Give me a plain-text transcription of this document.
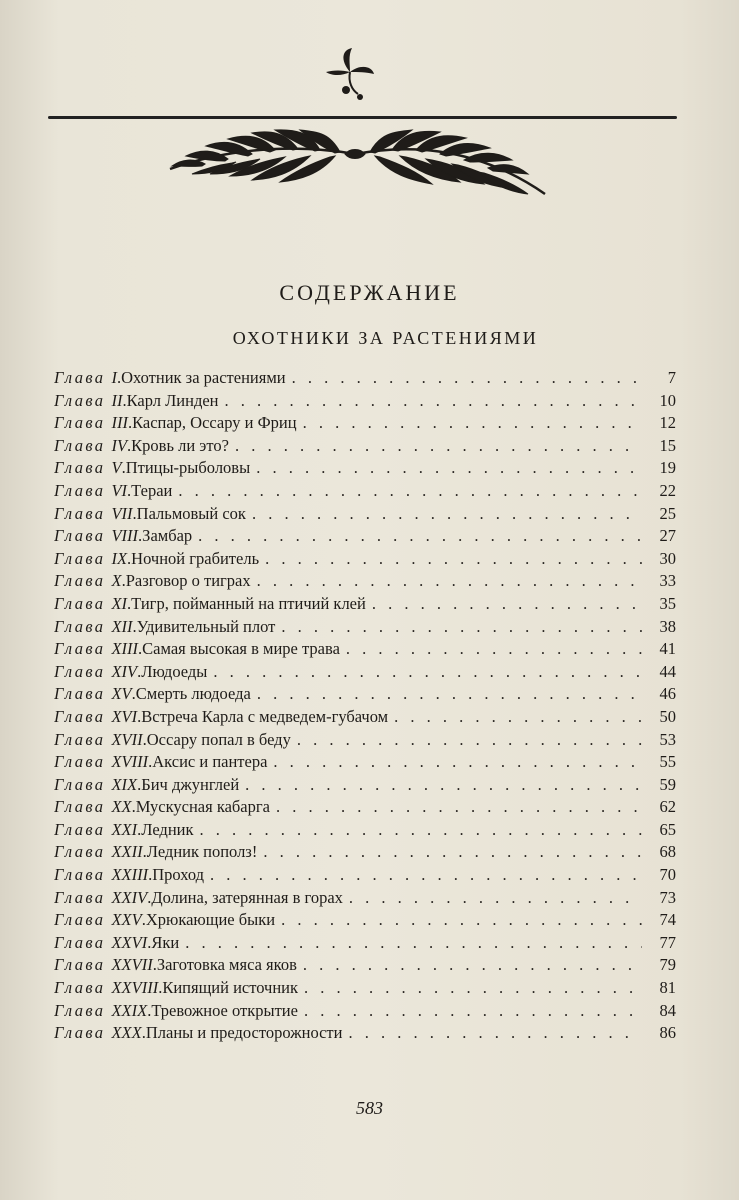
СОДЕРЖАНИЕ
ОХОТНИКИ ЗА РАСТЕНИЯМИ
Глава I . Охотник за растениями . . .	7
Глава II . Карл Линден . . .	10
Глава III . Каспар, Оссару и Фриц . . .	12
Глава IV . Кровь ли это? . . .	15
Глава V . Птицы-рыболовы . . .	19
Глава VI . Тераи . . .	22
Глава VII . Пальмовый сок . . .	25
Глава VIII . Замбар . . .	27
Глава IX . Ночной грабитель . . .	30
Глава X . Разговор о тиграх . . .	33
Глава XI . Тигр, пойманный на птичий клей . . .	35
Глава XII . Удивительный плот . . .	38
Глава XIII . Самая высокая в мире трава . . .	41
Глава XIV . Людоеды . . .	44
Глава XV . Смерть людоеда . . .	46
Глава XVI . Встреча Карла с медведем-губачом . . .	50
Глава XVII . Оссару попал в беду . . .	53
Глава XVIII . Аксис и пантера . . .	55
Глава XIX . Бич джунглей . . .	59
Глава XX . Мускусная кабарга . . .	62
Глава XXI . Ледник . . .	65
Глава XXII . Ледник пополз! . . .	68
Глава XXIII . Проход . . .	70
Глава XXIV . Долина, затерянная в горах . . .	73
Глава XXV . Хрюкающие быки . . .	74
Глава XXVI . Яки . . .	77
Глава XXVII . Заготовка мяса яков . . .	79
Глава XXVIII . Кипящий источник . . .	81
Глава XXIX . Тревожное открытие . . .	84
Глава XXX . Планы и предосторожности . . .	86
583
